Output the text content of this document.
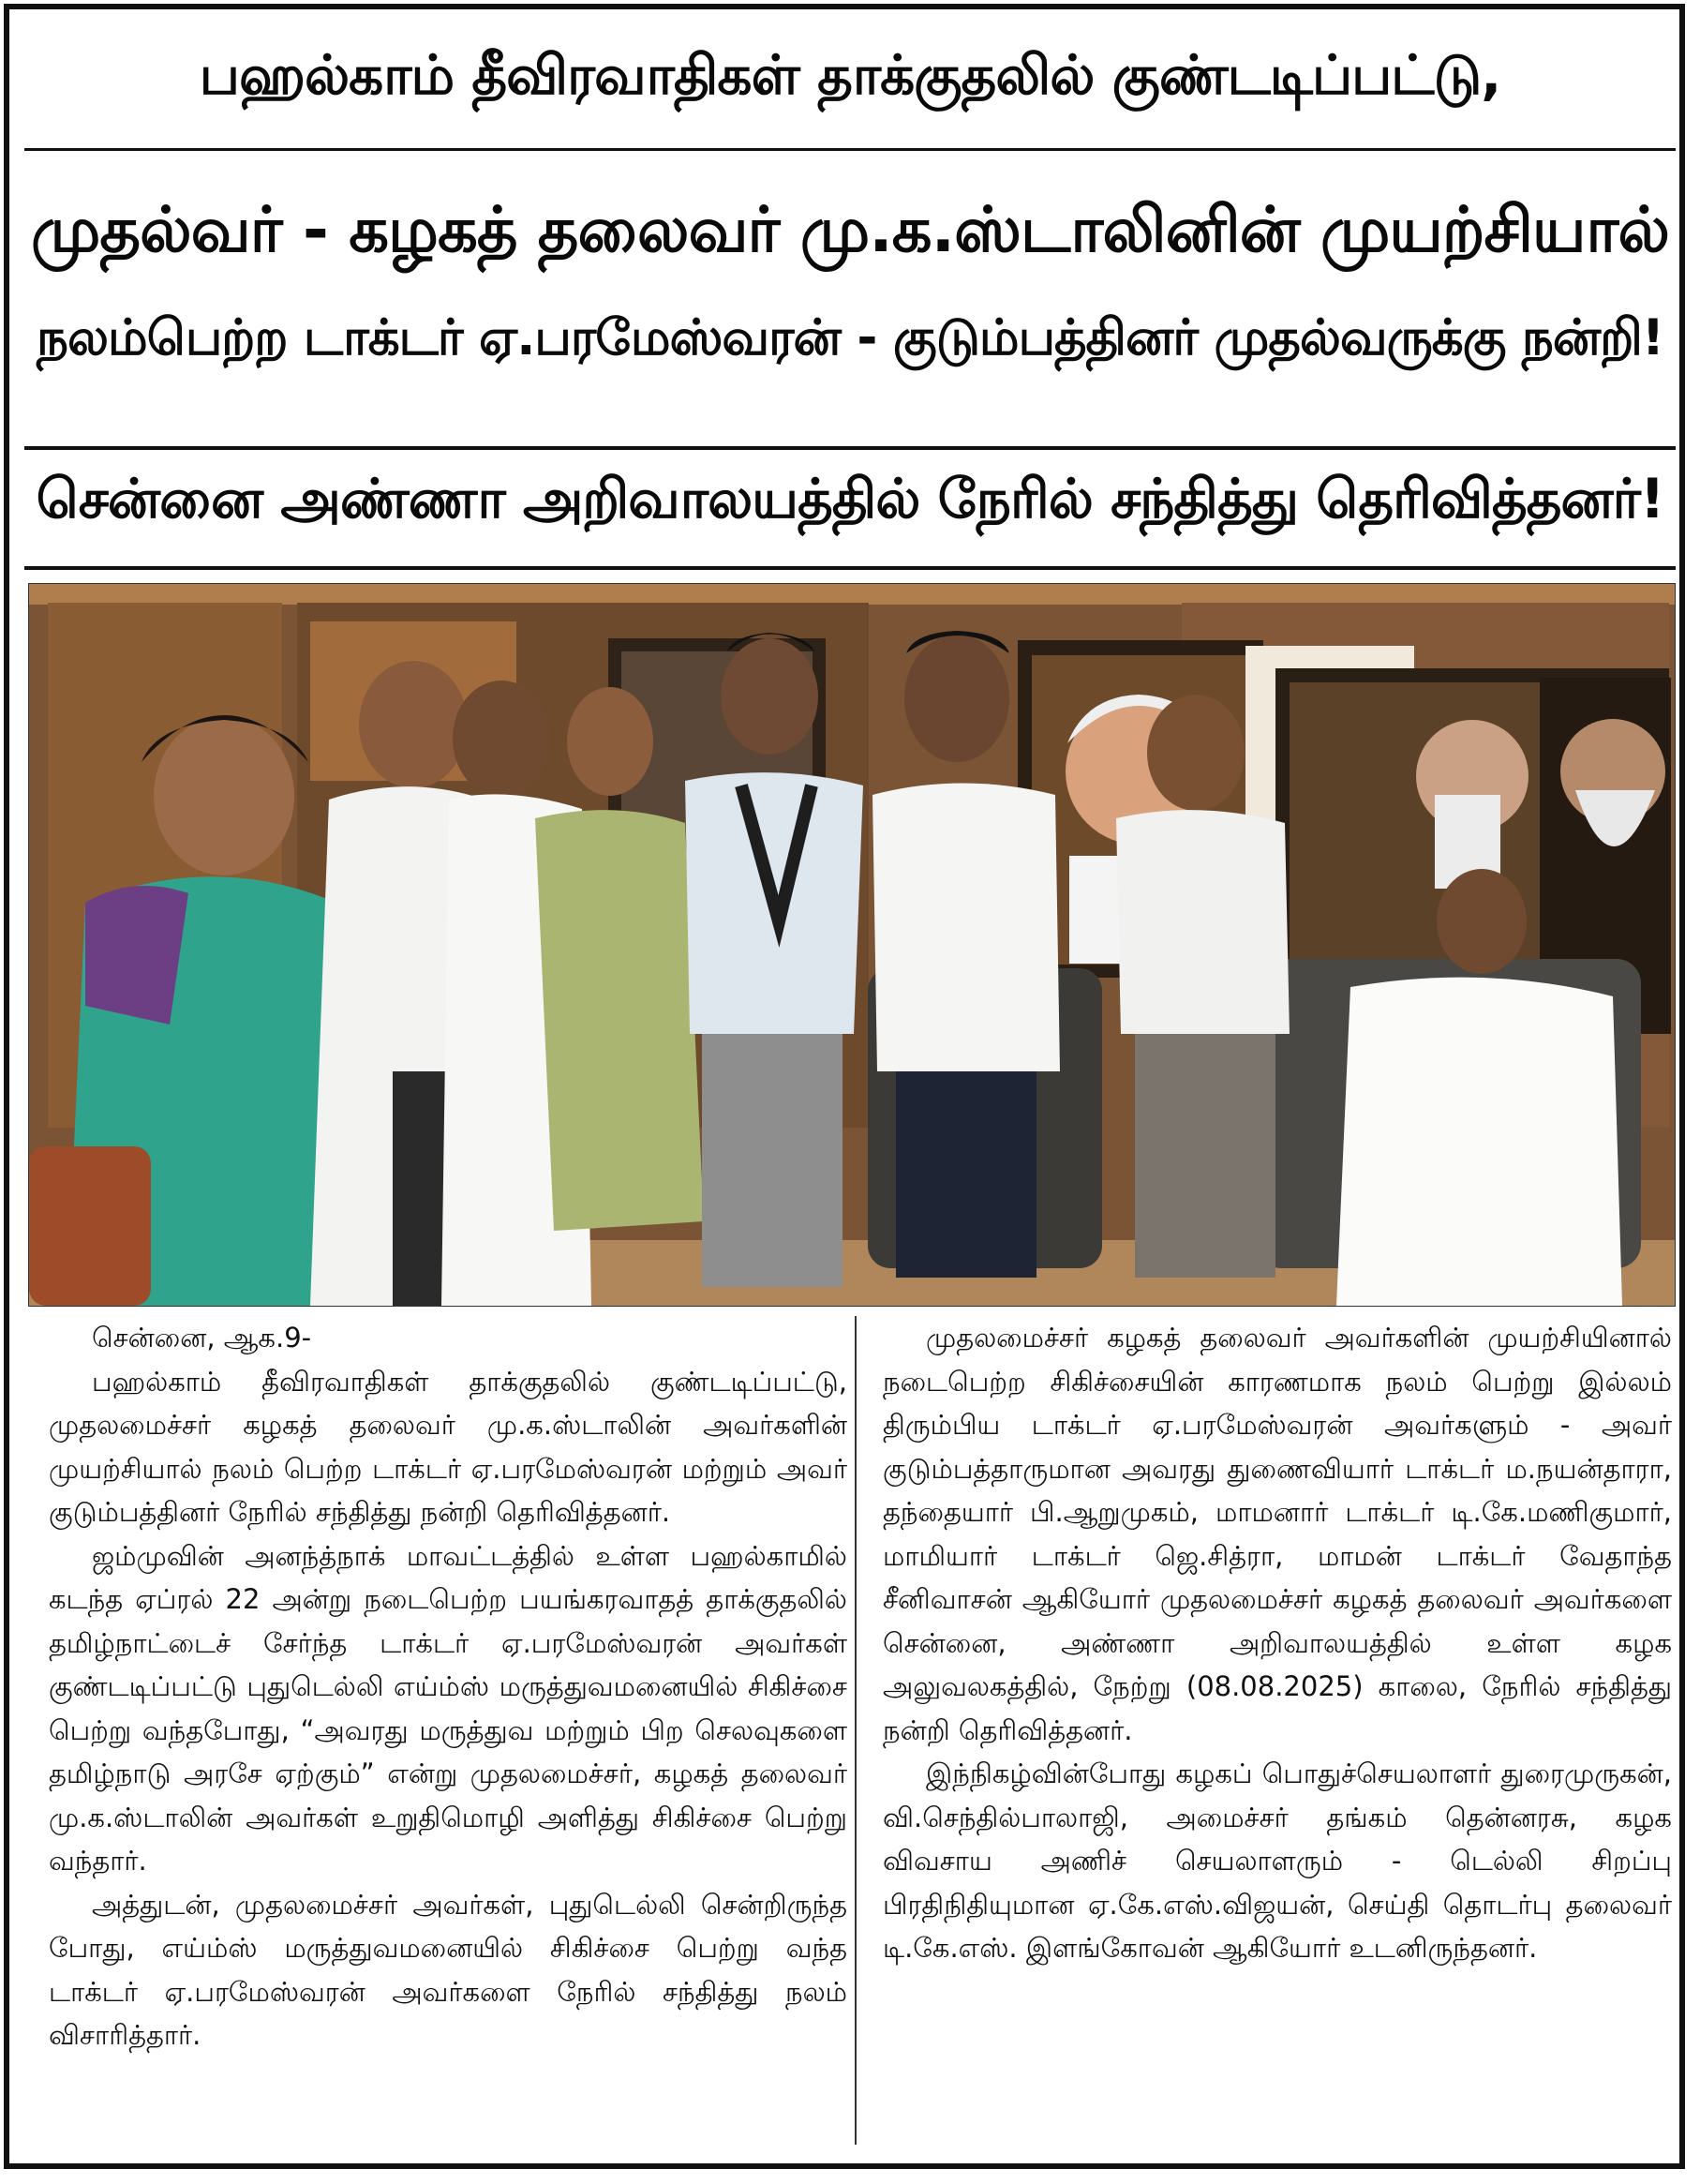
பஹல்காம் தீவிரவாதிகள் தாக்குதலில் குண்டடிப்பட்டு,
முதல்வர் - கழகத் தலைவர் மு.க.ஸ்டாலினின் முயற்சியால்
நலம்பெற்ற டாக்டர் ஏ.பரமேஸ்வரன் - குடும்பத்தினர் முதல்வருக்கு நன்றி!
சென்னை அண்ணா அறிவாலயத்தில் நேரில் சந்தித்து தெரிவித்தனர்!

சென்னை, ஆக.9-

பஹல்காம் தீவிரவாதிகள் தாக்குதலில் குண்டடிப்பட்டு, முதலமைச்சர் கழகத் தலைவர் மு.க.ஸ்டாலின் அவர்களின் முயற்சியால் நலம் பெற்ற டாக்டர் ஏ.பரமேஸ்வரன் மற்றும் அவர் குடும்பத்தினர் நேரில் சந்தித்து நன்றி தெரிவித்தனர்.

ஜம்முவின் அனந்த்நாக் மாவட்டத்தில் உள்ள பஹல்காமில் கடந்த ஏப்ரல் 22 அன்று நடைபெற்ற பயங்கரவாதத் தாக்குதலில் தமிழ்நாட்டைச் சேர்ந்த டாக்டர் ஏ.பரமேஸ்வரன் அவர்கள் குண்டடிப்பட்டு புதுடெல்லி எய்ம்ஸ் மருத்துவமனையில் சிகிச்சை பெற்று வந்தபோது, “அவரது மருத்துவ மற்றும் பிற செலவுகளை தமிழ்நாடு அரசே ஏற்கும்” என்று முதலமைச்சர், கழகத் தலைவர் மு.க.ஸ்டாலின் அவர்கள் உறுதிமொழி அளித்து சிகிச்சை பெற்று வந்தார்.

அத்துடன், முதலமைச்சர் அவர்கள், புதுடெல்லி சென்றிருந்த போது, எய்ம்ஸ் மருத்துவமனையில் சிகிச்சை பெற்று வந்த டாக்டர் ஏ.பரமேஸ்வரன் அவர்களை நேரில் சந்தித்து நலம் விசாரித்தார்.

முதலமைச்சர் கழகத் தலைவர் அவர்களின் முயற்சியினால் நடைபெற்ற சிகிச்சையின் காரணமாக நலம் பெற்று இல்லம் திரும்பிய டாக்டர் ஏ.பரமேஸ்வரன் அவர்களும் - அவர் குடும்பத்தாருமான அவரது துணைவியார் டாக்டர் ம.நயன்தாரா, தந்தையார் பி.ஆறுமுகம், மாமனார் டாக்டர் டி.கே.மணிகுமார், மாமியார் டாக்டர் ஜெ.சித்ரா, மாமன் டாக்டர் வேதாந்த சீனிவாசன் ஆகியோர் முதலமைச்சர் கழகத் தலைவர் அவர்களை சென்னை, அண்ணா அறிவாலயத்தில் உள்ள கழக அலுவலகத்தில், நேற்று (08.08.2025) காலை, நேரில் சந்தித்து நன்றி தெரிவித்தனர்.

இந்நிகழ்வின்போது கழகப் பொதுச்செயலாளர் துரைமுருகன், வி.செந்தில்பாலாஜி, அமைச்சர் தங்கம் தென்னரசு, கழக விவசாய அணிச் செயலாளரும் - டெல்லி சிறப்பு பிரதிநிதியுமான ஏ.கே.எஸ்.விஜயன், செய்தி தொடர்பு தலைவர் டி.கே.எஸ். இளங்கோவன் ஆகியோர் உடனிருந்தனர்.
